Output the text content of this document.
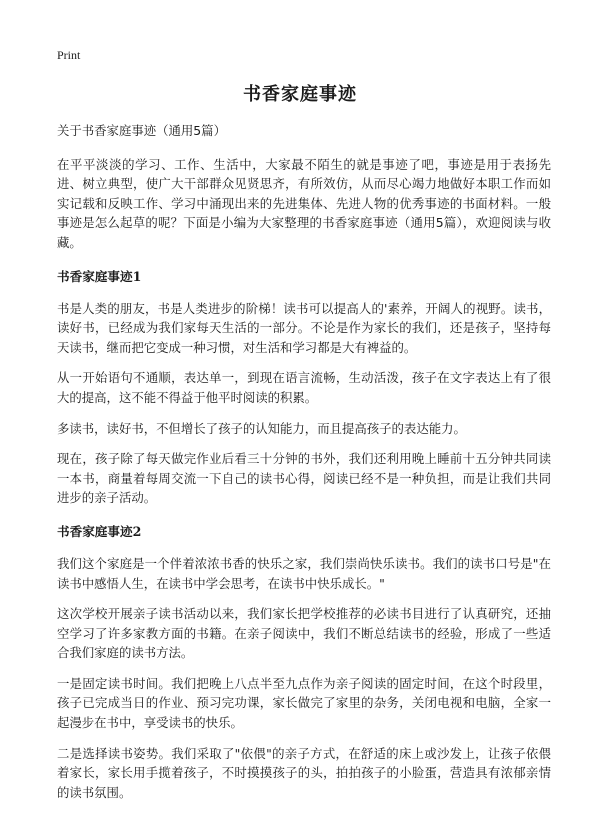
Print
书香家庭事迹

关于书香家庭事迹（通用5篇）

在平平淡淡的学习、工作、生活中，大家最不陌生的就是事迹了吧，事迹是用于表扬先进、树立典型，使广大干部群众见贤思齐，有所效仿，从而尽心竭力地做好本职工作而如实记载和反映工作、学习中涌现出来的先进集体、先进人物的优秀事迹的书面材料。一般事迹是怎么起草的呢？下面是小编为大家整理的书香家庭事迹（通用5篇），欢迎阅读与收藏。

书香家庭事迹1

书是人类的朋友，书是人类进步的阶梯！读书可以提高人的'素养，开阔人的视野。读书，读好书，已经成为我们家每天生活的一部分。不论是作为家长的我们，还是孩子，坚持每天读书，继而把它变成一种习惯，对生活和学习都是大有裨益的。

从一开始语句不通顺，表达单一，到现在语言流畅，生动活泼，孩子在文字表达上有了很大的提高，这不能不得益于他平时阅读的积累。

多读书，读好书，不但增长了孩子的认知能力，而且提高孩子的表达能力。

现在，孩子除了每天做完作业后看三十分钟的书外，我们还利用晚上睡前十五分钟共同读一本书，商量着每周交流一下自己的读书心得，阅读已经不是一种负担，而是让我们共同进步的亲子活动。

书香家庭事迹2

我们这个家庭是一个伴着浓浓书香的快乐之家，我们崇尚快乐读书。我们的读书口号是"在读书中感悟人生，在读书中学会思考，在读书中快乐成长。"

这次学校开展亲子读书活动以来，我们家长把学校推荐的必读书目进行了认真研究，还抽空学习了许多家教方面的书籍。在亲子阅读中，我们不断总结读书的经验，形成了一些适合我们家庭的读书方法。

一是固定读书时间。我们把晚上八点半至九点作为亲子阅读的固定时间，在这个时段里，孩子已完成当日的作业、预习完功课，家长做完了家里的杂务，关闭电视和电脑，全家一起漫步在书中，享受读书的快乐。

二是选择读书姿势。我们采取了"依偎"的亲子方式，在舒适的床上或沙发上，让孩子依偎着家长，家长用手揽着孩子，不时摸摸孩子的头，拍拍孩子的小脸蛋，营造具有浓郁亲情的读书氛围。
